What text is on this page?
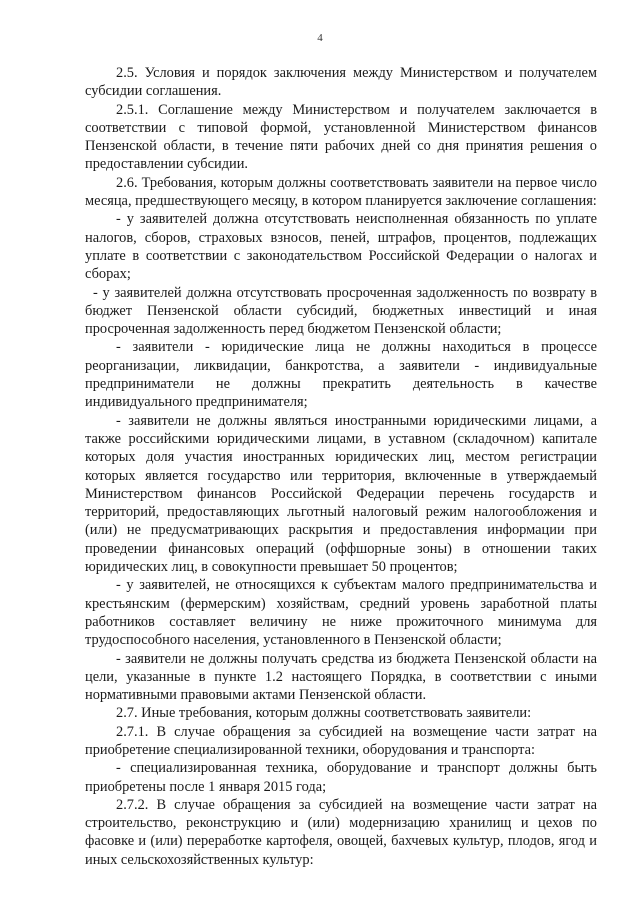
4

2.5. Условия и порядок заключения между Министерством и получателем субсидии соглашения.

2.5.1. Соглашение между Министерством и получателем заключается в соответствии с типовой формой, установленной Министерством финансов Пензенской области, в течение пяти рабочих дней со дня принятия решения о предоставлении субсидии.

2.6. Требования, которым должны соответствовать заявители на первое число месяца, предшествующего месяцу, в котором планируется заключение соглашения:

- у заявителей должна отсутствовать неисполненная обязанность по уплате налогов, сборов, страховых взносов, пеней, штрафов, процентов, подлежащих уплате в соответствии с законодательством Российской Федерации о налогах и сборах;

- у заявителей должна отсутствовать просроченная задолженность по возврату в бюджет Пензенской области субсидий, бюджетных инвестиций и иная просроченная задолженность перед бюджетом Пензенской области;

- заявители - юридические лица не должны находиться в процессе реорганизации, ликвидации, банкротства, а заявители - индивидуальные предприниматели не должны прекратить деятельность в качестве индивидуального предпринимателя;

- заявители не должны являться иностранными юридическими лицами, а также российскими юридическими лицами, в уставном (складочном) капитале которых доля участия иностранных юридических лиц, местом регистрации которых является государство или территория, включенные в утверждаемый Министерством финансов Российской Федерации перечень государств и территорий, предоставляющих льготный налоговый режим налогообложения и (или) не предусматривающих раскрытия и предоставления информации при проведении финансовых операций (оффшорные зоны) в отношении таких юридических лиц, в совокупности превышает 50 процентов;

- у заявителей, не относящихся к субъектам малого предпринимательства и крестьянским (фермерским) хозяйствам, средний уровень заработной платы работников составляет величину не ниже прожиточного минимума для трудоспособного населения, установленного в Пензенской области;

- заявители не должны получать средства из бюджета Пензенской области на цели, указанные в пункте 1.2 настоящего Порядка, в соответствии с иными нормативными правовыми актами Пензенской области.

2.7. Иные требования, которым должны соответствовать заявители:

2.7.1. В случае обращения за субсидией на возмещение части затрат на приобретение специализированной техники, оборудования и транспорта:

- специализированная техника, оборудование и транспорт должны быть приобретены после 1 января 2015 года;

2.7.2. В случае обращения за субсидией на возмещение части затрат на строительство, реконструкцию и (или) модернизацию хранилищ и цехов по фасовке и (или) переработке картофеля, овощей, бахчевых культур, плодов, ягод и иных сельскохозяйственных культур:
